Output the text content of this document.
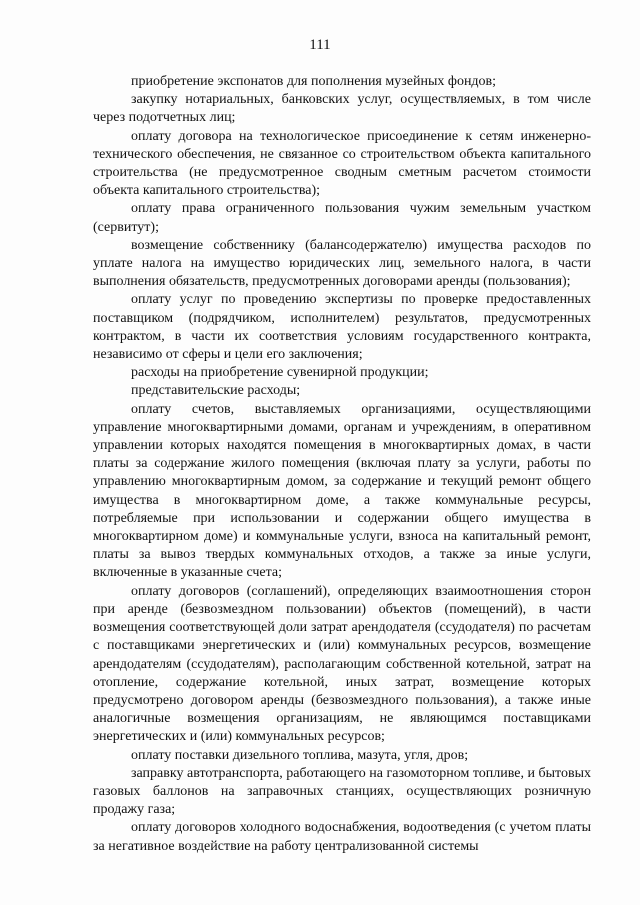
111

приобретение экспонатов для пополнения музейных фондов;

закупку нотариальных, банковских услуг, осуществляемых, в том числе через подотчетных лиц;

оплату договора на технологическое присоединение к сетям инженерно-технического обеспечения, не связанное со строительством объекта капитального строительства (не предусмотренное сводным сметным расчетом стоимости объекта капитального строительства);

оплату права ограниченного пользования чужим земельным участком (сервитут);

возмещение собственнику (балансодержателю) имущества расходов по уплате налога на имущество юридических лиц, земельного налога, в части выполнения обязательств, предусмотренных договорами аренды (пользования);

оплату услуг по проведению экспертизы по проверке предоставленных поставщиком (подрядчиком, исполнителем) результатов, предусмотренных контрактом, в части их соответствия условиям государственного контракта, независимо от сферы и цели его заключения;

расходы на приобретение сувенирной продукции;

представительские расходы;

оплату счетов, выставляемых организациями, осуществляющими управление многоквартирными домами, органам и учреждениям, в оперативном управлении которых находятся помещения в многоквартирных домах, в части платы за содержание жилого помещения (включая плату за услуги, работы по управлению многоквартирным домом, за содержание и текущий ремонт общего имущества в многоквартирном доме, а также коммунальные ресурсы, потребляемые при использовании и содержании общего имущества в многоквартирном доме) и коммунальные услуги, взноса на капитальный ремонт, платы за вывоз твердых коммунальных отходов, а также за иные услуги, включенные в указанные счета;

оплату договоров (соглашений), определяющих взаимоотношения сторон при аренде (безвозмездном пользовании) объектов (помещений), в части возмещения соответствующей доли затрат арендодателя (ссудодателя) по расчетам с поставщиками энергетических и (или) коммунальных ресурсов, возмещение арендодателям (ссудодателям), располагающим собственной котельной, затрат на отопление, содержание котельной, иных затрат, возмещение которых предусмотрено договором аренды (безвозмездного пользования), а также иные аналогичные возмещения организациям, не являющимся поставщиками энергетических и (или) коммунальных ресурсов;

оплату поставки дизельного топлива, мазута, угля, дров;

заправку автотранспорта, работающего на газомоторном топливе, и бытовых газовых баллонов на заправочных станциях, осуществляющих розничную продажу газа;

оплату договоров холодного водоснабжения, водоотведения (с учетом платы за негативное воздействие на работу централизованной системы
